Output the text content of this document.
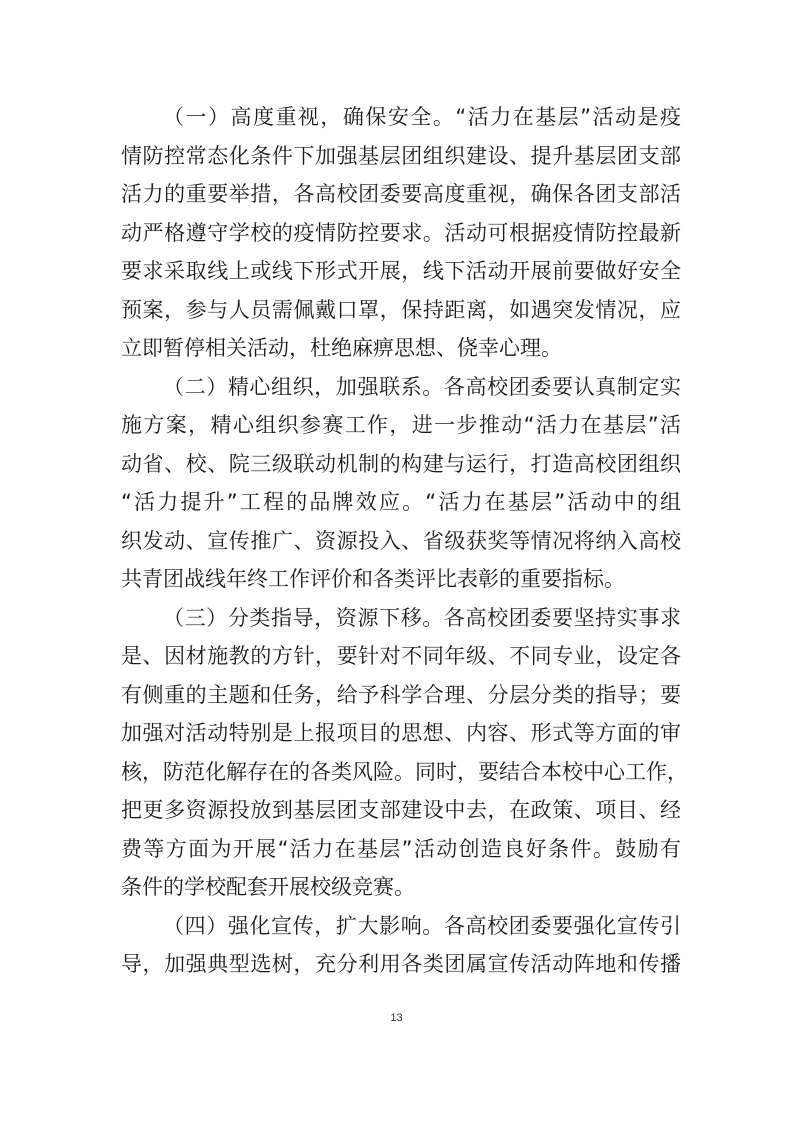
（一）高度重视，确保安全。“活力在基层”活动是疫
情防控常态化条件下加强基层团组织建设、提升基层团支部
活力的重要举措，各高校团委要高度重视，确保各团支部活
动严格遵守学校的疫情防控要求。活动可根据疫情防控最新
要求采取线上或线下形式开展，线下活动开展前要做好安全
预案，参与人员需佩戴口罩，保持距离，如遇突发情况，应
立即暂停相关活动，杜绝麻痹思想、侥幸心理。
（二）精心组织，加强联系。各高校团委要认真制定实
施方案，精心组织参赛工作，进一步推动“活力在基层”活
动省、校、院三级联动机制的构建与运行，打造高校团组织
“活力提升”工程的品牌效应。“活力在基层”活动中的组
织发动、宣传推广、资源投入、省级获奖等情况将纳入高校
共青团战线年终工作评价和各类评比表彰的重要指标。
（三）分类指导，资源下移。各高校团委要坚持实事求
是、因材施教的方针，要针对不同年级、不同专业，设定各
有侧重的主题和任务，给予科学合理、分层分类的指导；要
加强对活动特别是上报项目的思想、内容、形式等方面的审
核，防范化解存在的各类风险。同时，要结合本校中心工作，
把更多资源投放到基层团支部建设中去，在政策、项目、经
费等方面为开展“活力在基层”活动创造良好条件。鼓励有
条件的学校配套开展校级竞赛。
（四）强化宣传，扩大影响。各高校团委要强化宣传引
导，加强典型选树，充分利用各类团属宣传活动阵地和传播
13
